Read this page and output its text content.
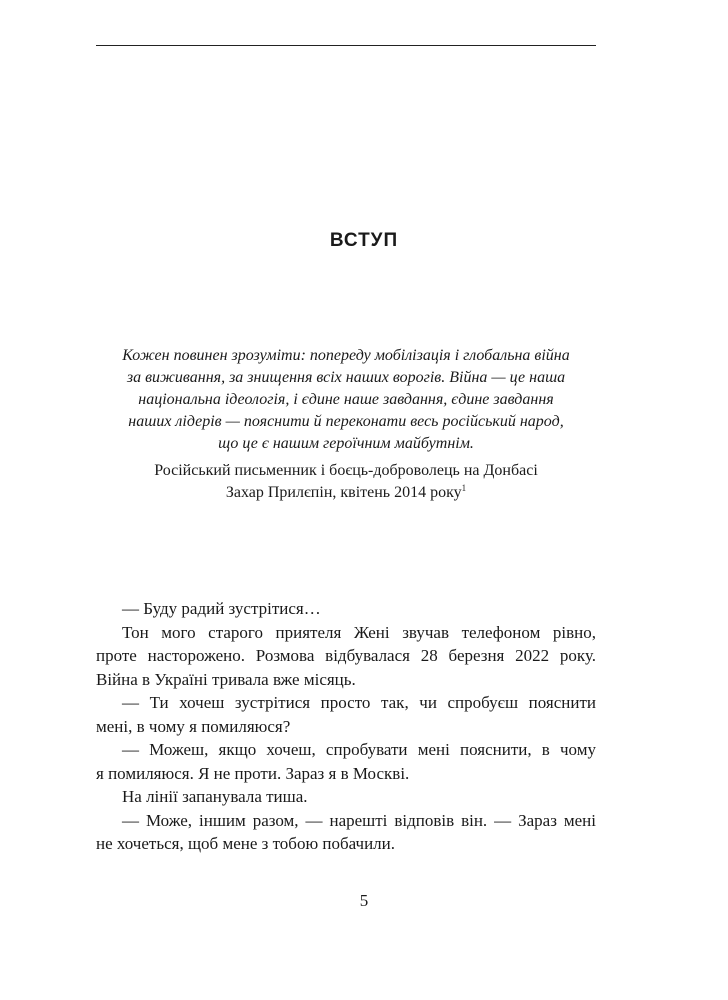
ВСТУП
Кожен повинен зрозуміти: попереду мобілізація і глобальна війна
за виживання, за знищення всіх наших ворогів. Війна — це наша
національна ідеологія, і єдине наше завдання, єдине завдання
наших лідерів — пояснити й переконати весь російський народ,
що це є нашим героїчним майбутнім.
Російський письменник і боєць-доброволець на Донбасі
Захар Прилєпін, квітень 2014 року$^1$
— Буду радий зустрітися…
Тон мого старого приятеля Жені звучав телефоном рівно,
проте насторожено. Розмова відбувалася 28 березня 2022 року.
Війна в Україні тривала вже місяць.
— Ти хочеш зустрітися просто так, чи спробуєш пояснити
мені, в чому я помиляюся?
— Можеш, якщо хочеш, спробувати мені пояснити, в чому
я помиляюся. Я не проти. Зараз я в Москві.
На лінії запанувала тиша.
— Може, іншим разом, — нарешті відповів він. — Зараз мені
не хочеться, щоб мене з тобою побачили.
5
